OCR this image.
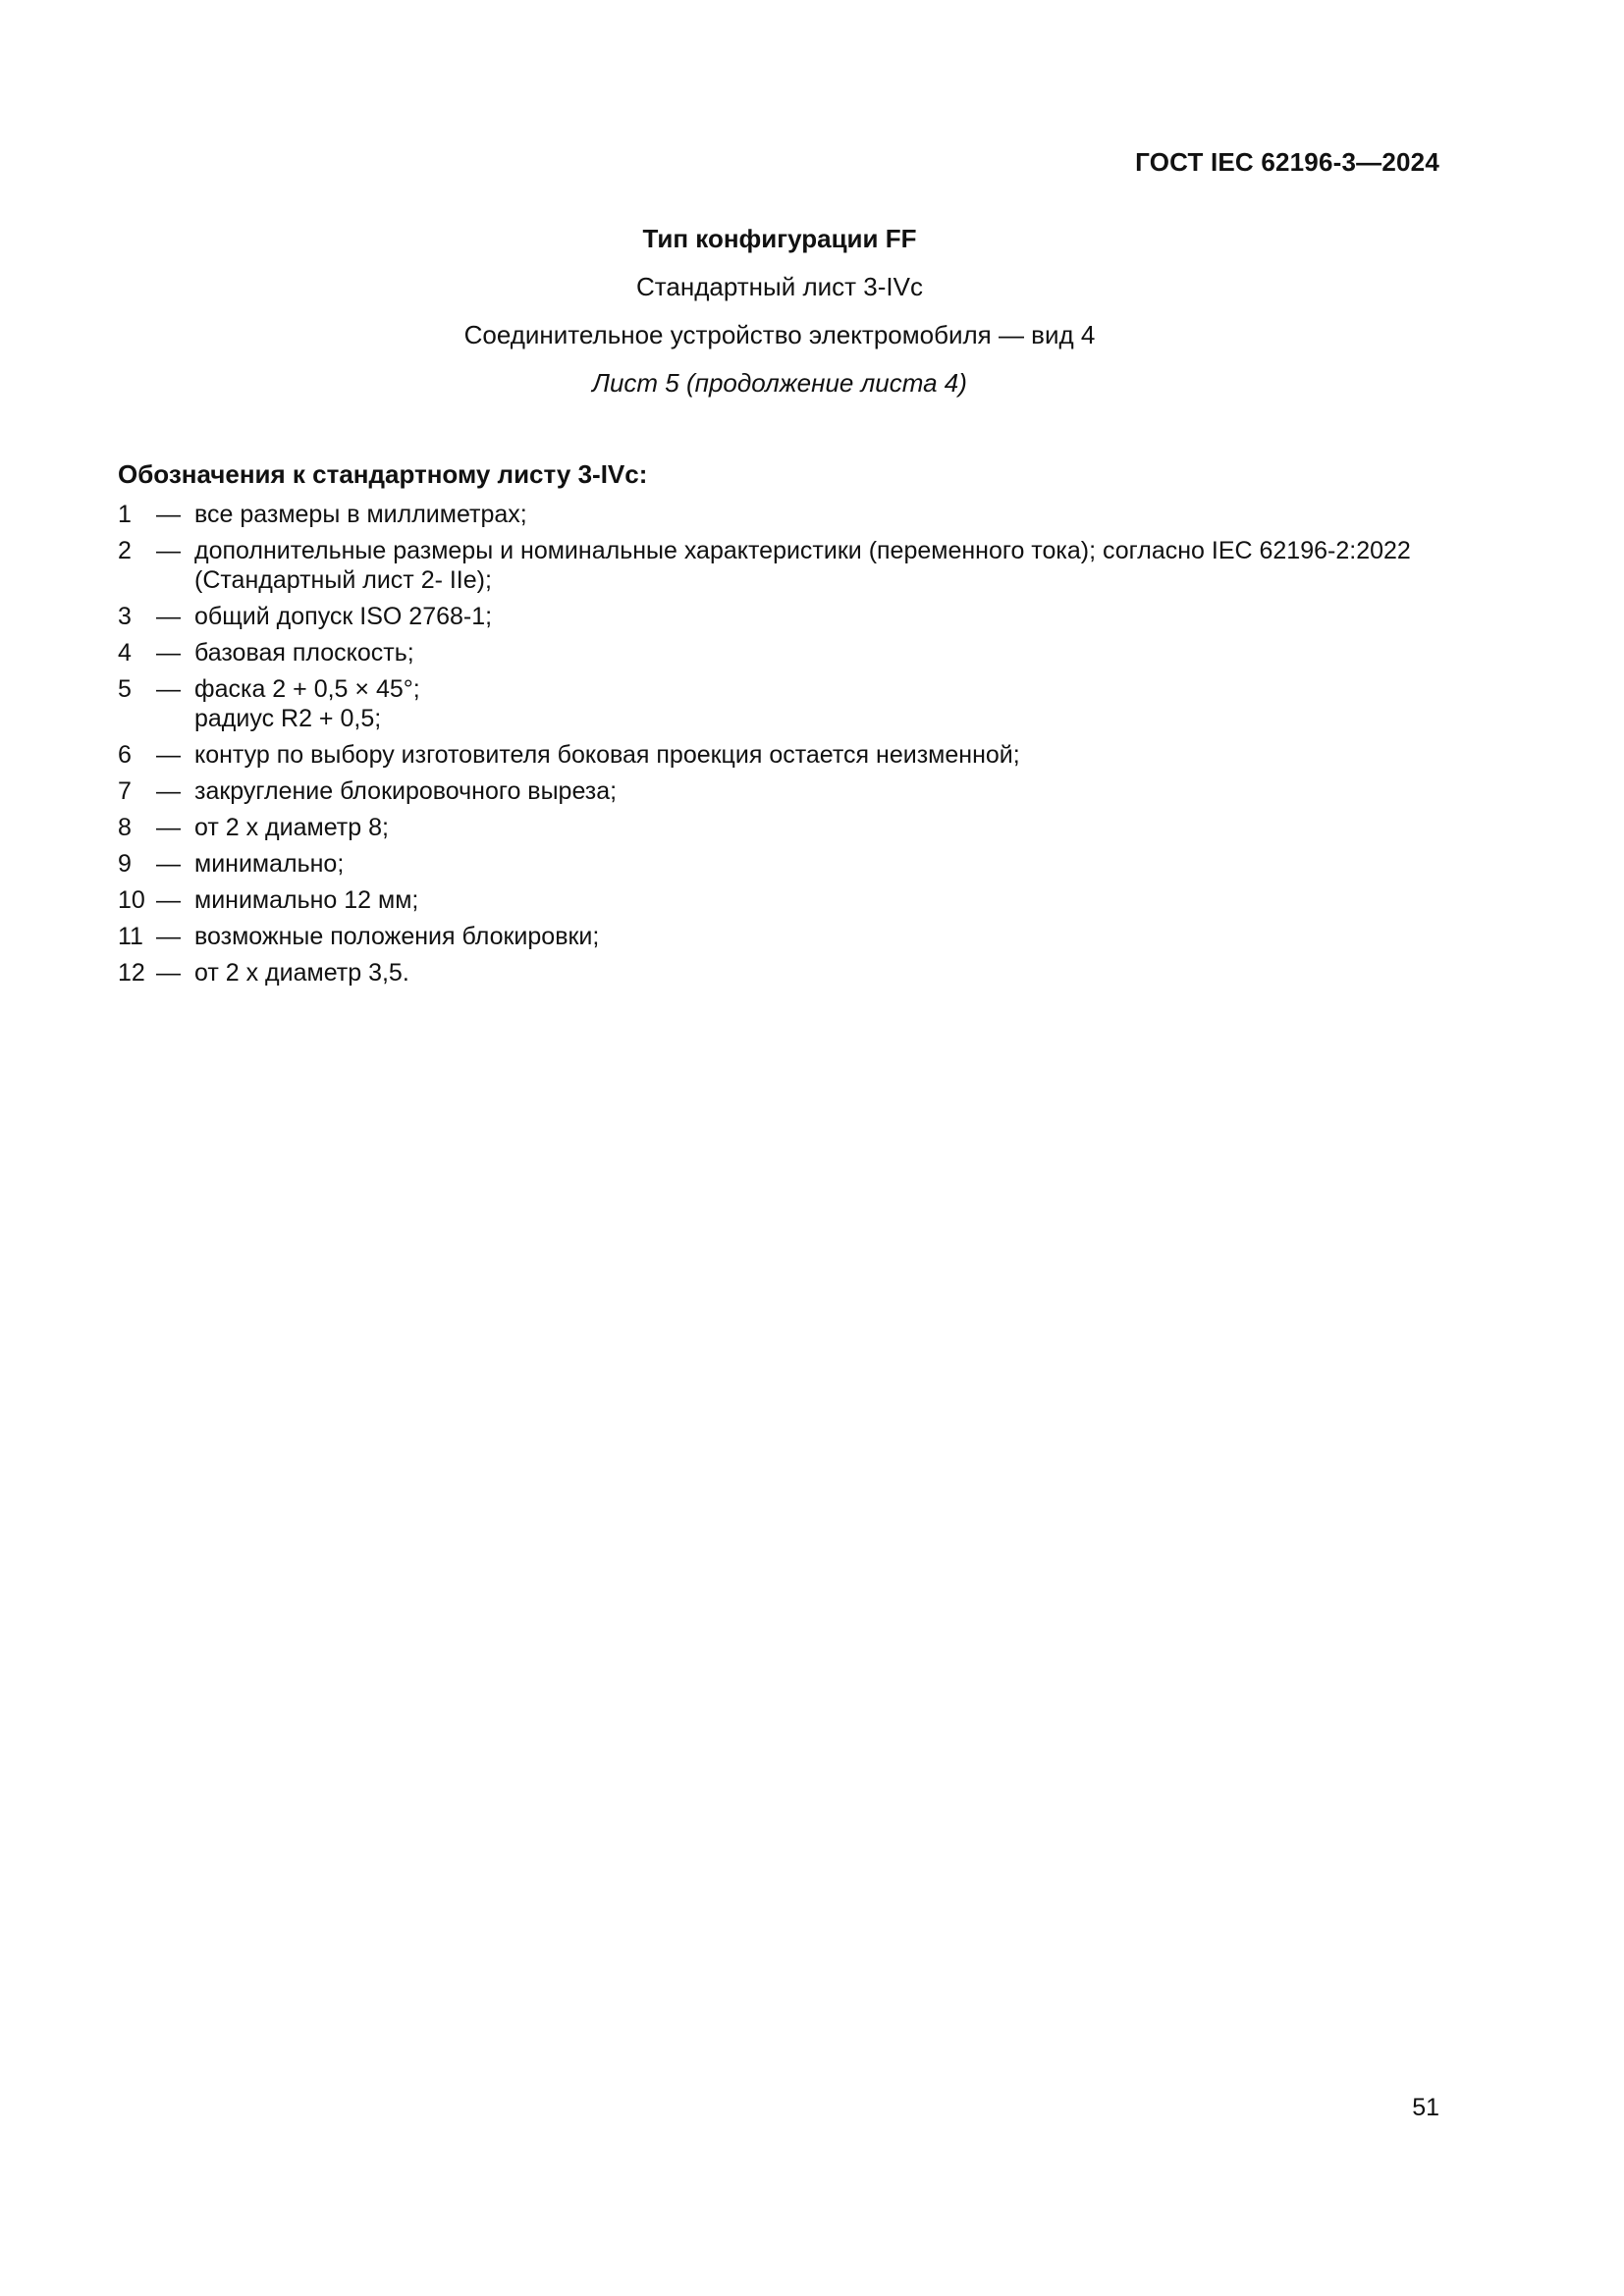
ГОСТ IEC 62196-3—2024
Тип конфигурации FF
Стандартный лист 3-IVc
Соединительное устройство электромобиля — вид 4
Лист 5 (продолжение листа 4)
Обозначения к стандартному листу 3-IVc:
1	— все размеры в миллиметрах;
2	— дополнительные размеры и номинальные характеристики (переменного тока); согласно IEC 62196-2:2022
(Стандартный лист 2- IIe);
3	— общий допуск ISO 2768-1;
4	— базовая плоскость;
5	— фаска 2 + 0,5 × 45°;
радиус R2 + 0,5;
6	— контур по выбору изготовителя боковая проекция остается неизменной;
7	— закругление блокировочного выреза;
8	— от 2 х диаметр 8;
9	— минимально;
10 — минимально 12 мм;
11 — возможные положения блокировки;
12 — от 2 х диаметр 3,5.
51
